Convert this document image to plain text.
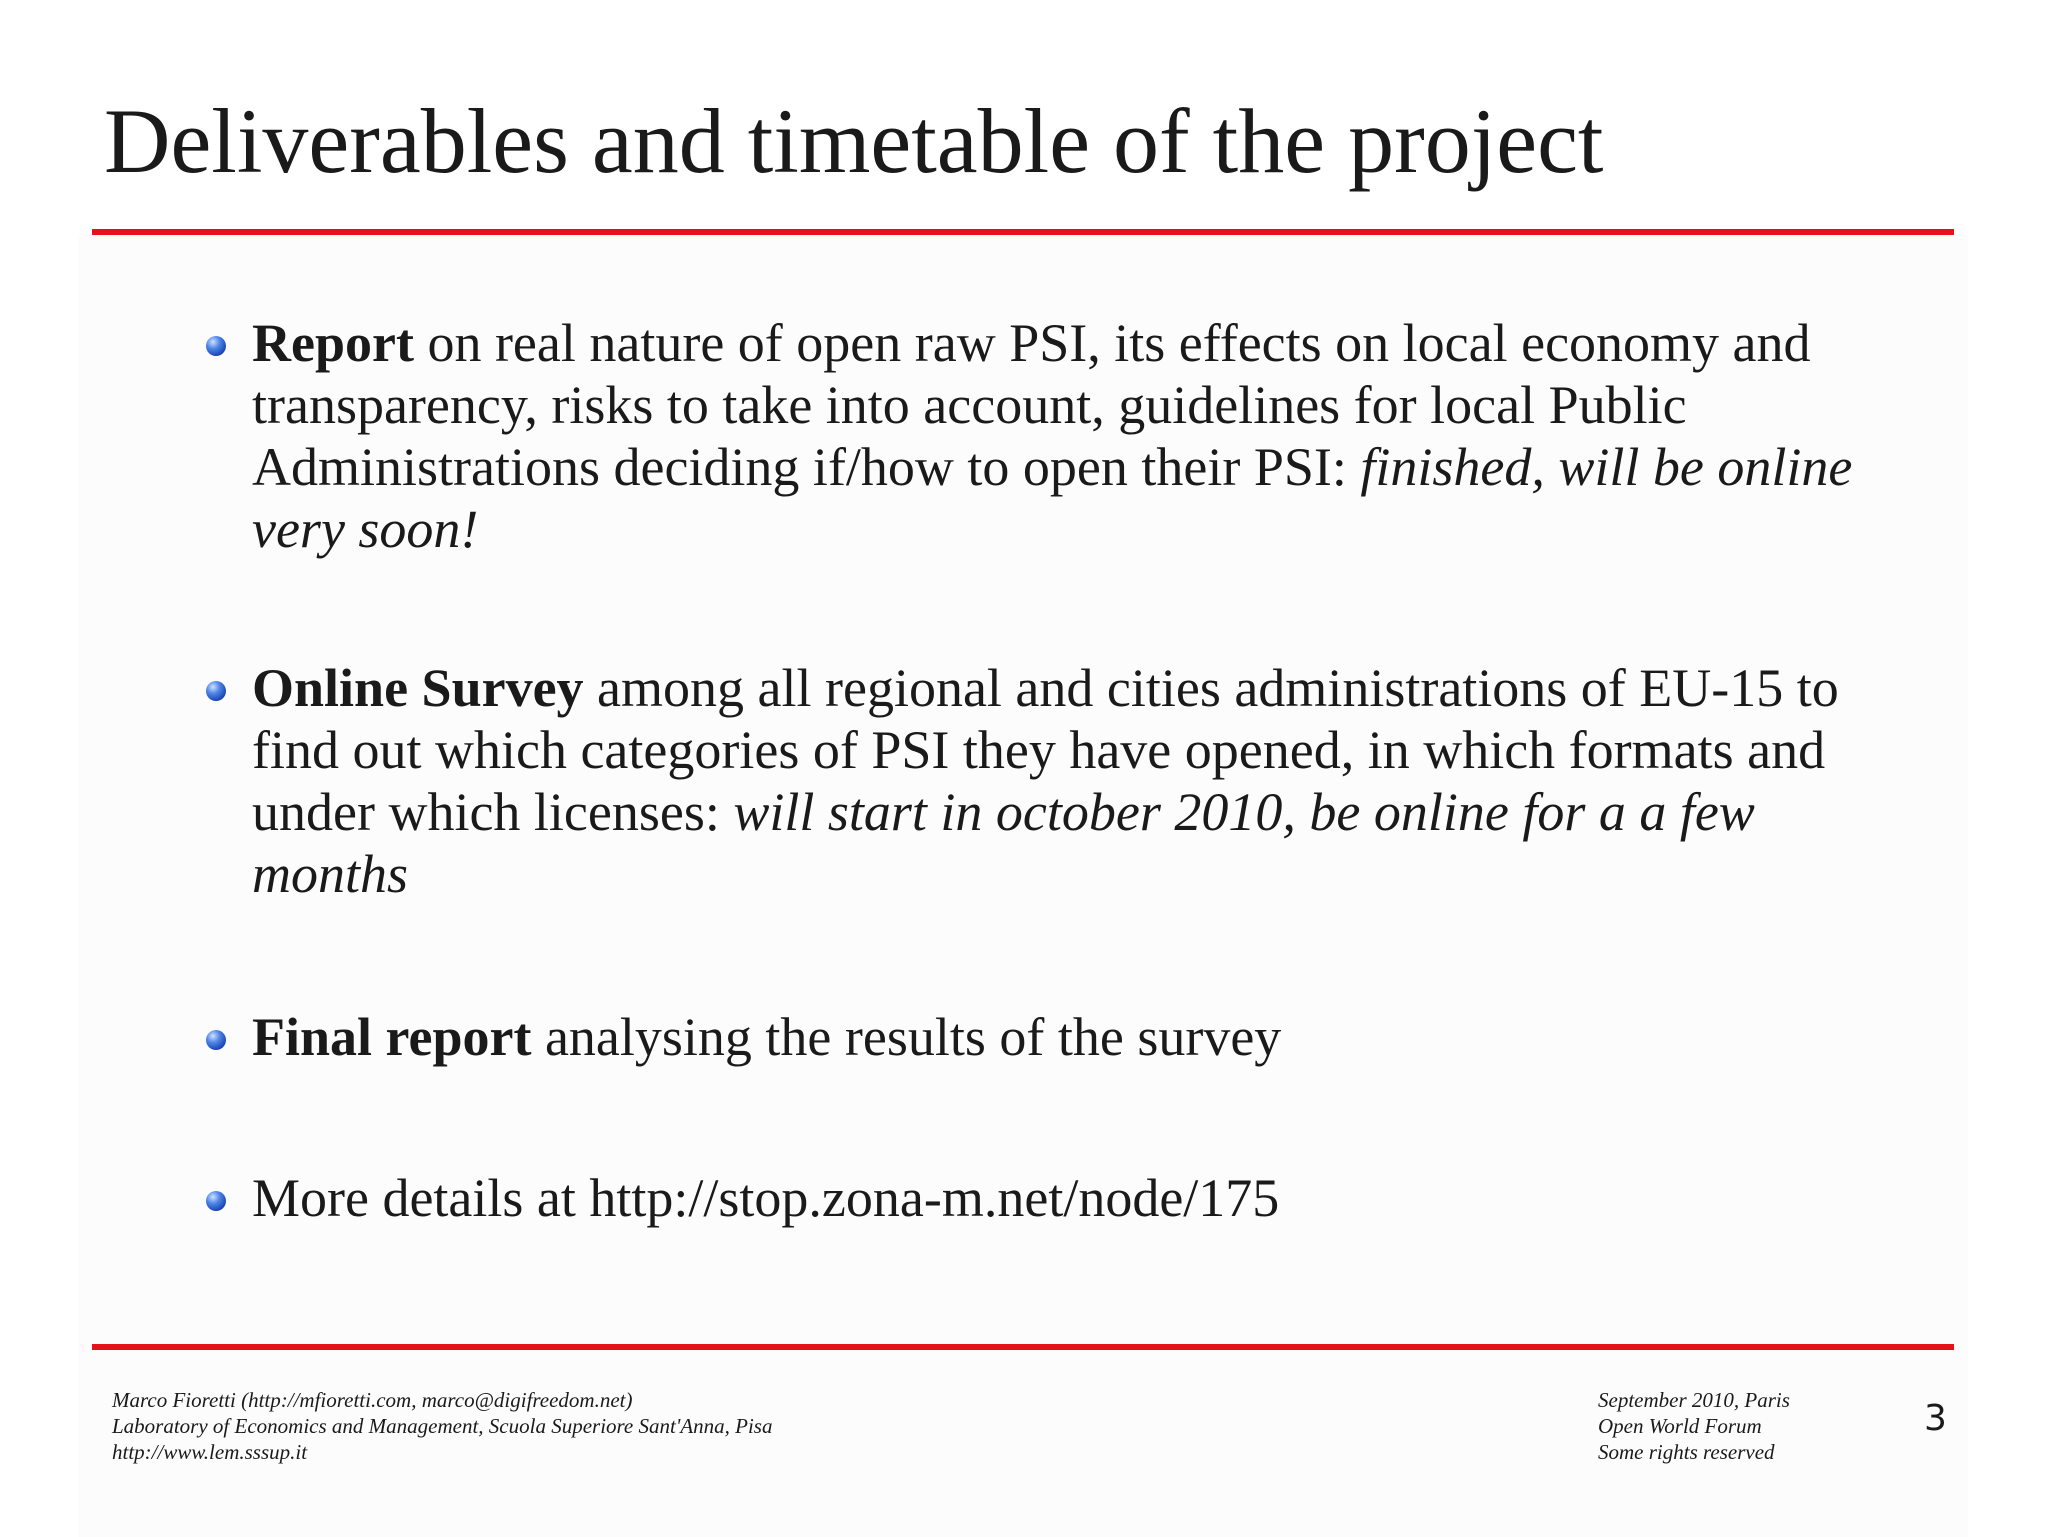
Deliverables and timetable of the project
Report on real nature of open raw PSI, its effects on local economy and transparency, risks to take into account, guidelines for local Public Administrations deciding if/how to open their PSI: finished, will be online very soon!
Online Survey among all regional and cities administrations of EU-15 to find out which categories of PSI they have opened, in which formats and under which licenses: will start in october 2010, be online for a a few months
Final report analysing the results of the survey
More details at http://stop.zona-m.net/node/175
Marco Fioretti (http://mfioretti.com, marco@digifreedom.net)
Laboratory of Economics and Management, Scuola Superiore Sant'Anna, Pisa
http://www.lem.sssup.it
September 2010, Paris
Open World Forum
Some rights reserved
3
